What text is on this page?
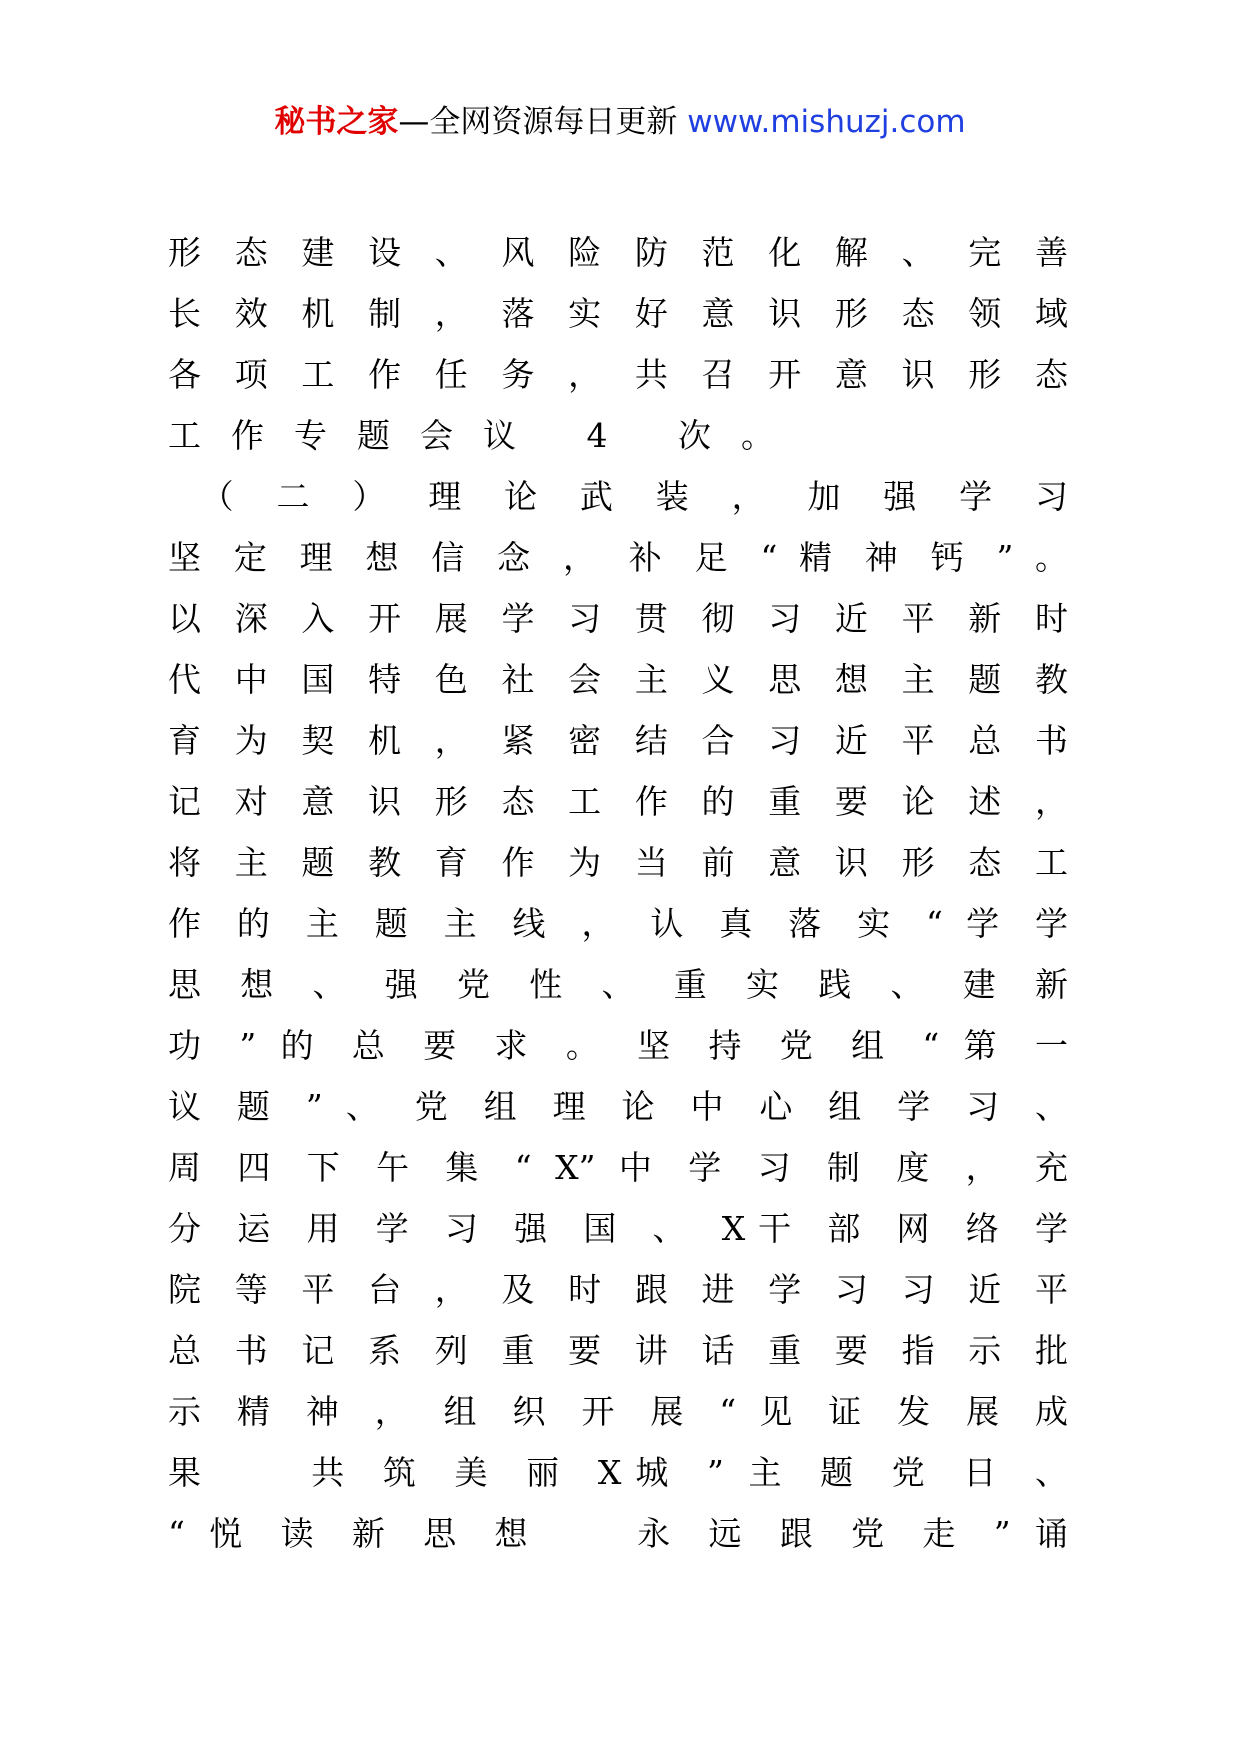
秘书之家—全网资源每日更新 www.mishuzj.com
形 态 建 设 、 风 险 防 范 化 解 、 完 善
长 效 机 制 ， 落 实 好 意 识 形 态 领 域
各 项 工 作 任 务 ， 共 召 开 意 识 形 态
工作专题会议 4 次。
　（ 二 ） 理 论 武 装 ， 加 强 学 习
坚 定 理 想 信 念 ， 补 足 “ 精 神 钙 ” 。
以 深 入 开 展 学 习 贯 彻 习 近 平 新 时
代 中 国 特 色 社 会 主 义 思 想 主 题 教
育 为 契 机 ， 紧 密 结 合 习 近 平 总 书
记 对 意 识 形 态 工 作 的 重 要 论 述 ，
将 主 题 教 育 作 为 当 前 意 识 形 态 工
作 的 主 题 主 线 ， 认 真 落 实 “ 学 学
思 想 、 强 党 性 、 重 实 践 、 建 新
功 ” 的 总 要 求 。 坚 持 党 组 “ 第 一
议 题 ” 、 党 组 理 论 中 心 组 学 习 、
周 四 下 午 集 “ X” 中 学 习 制 度 ， 充
分 运 用 学 习 强 国 、 X干 部 网 络 学
院 等 平 台 ， 及 时 跟 进 学 习 习 近 平
总 书 记 系 列 重 要 讲 话 重 要 指 示 批
示 精 神 ， 组 织 开 展 “ 见 证 发 展 成
果 　 共 筑 美 丽 X城 ” 主 题 党 日 、
“ 悦 读 新 思 想 　 永 远 跟 党 走 ” 诵
